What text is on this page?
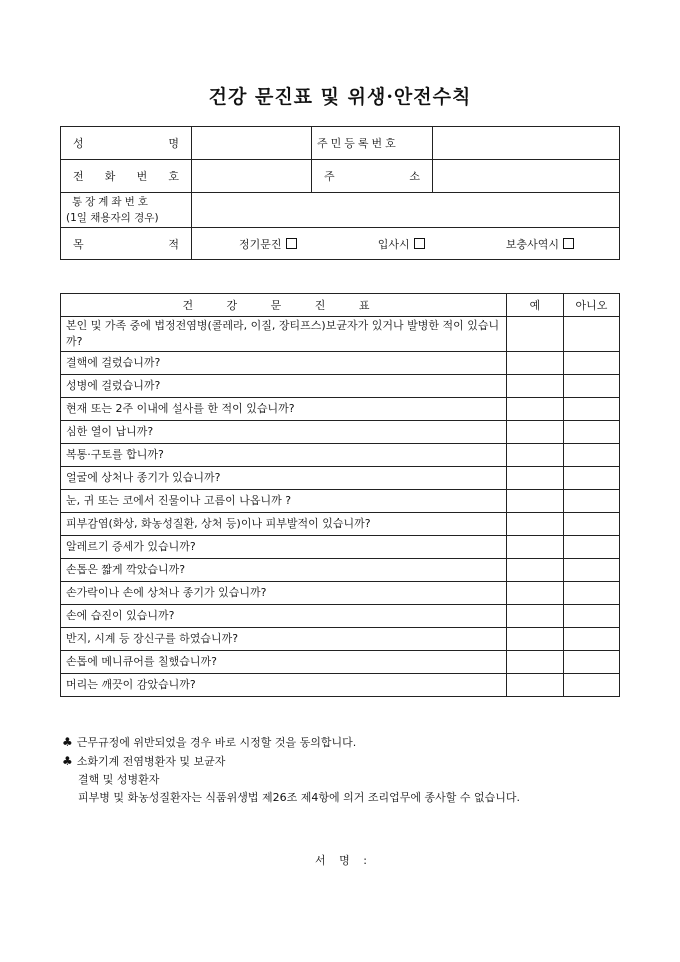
건강 문진표 및 위생·안전수칙
성 명		주민등록번호	
전 화 번 호		주 소	

통장계좌번호
(1일 채용자의 경우)			

목 적	정기문진 입사시 보충사역시		
건 강 문 진 표	예	아니오
본인 및 가족 중에 법정전염병(콜레라, 이질, 장티프스)보균자가 있거나 발병한 적이 있습니까?		
결핵에 걸렸습니까?		
성병에 걸렸습니까?		
현재 또는 2주 이내에 설사를 한 적이 있습니까?		
심한 열이 납니까?		
복통·구토를 합니까?		
얼굴에 상처나 종기가 있습니까?		
눈, 귀 또는 코에서 진물이나 고름이 나옵니까 ?		
피부감염(화상, 화농성질환, 상처 등)이나 피부발적이 있습니까?		
알레르기 증세가 있습니까?		
손톱은 짧게 깍았습니까?		
손가락이나 손에 상처나 종기가 있습니까?		
손에 습진이 있습니까?		
반지, 시계 등 장신구를 하였습니까?		
손톱에 메니큐어를 칠했습니까?		
머리는 깨끗이 감았습니까?		
♣ 근무규정에 위반되었을 경우 바로 시정할 것을 동의합니다.
♣ 소화기계 전염병환자 및 보균자
결핵 및 성병환자
피부병 및 화농성질환자는 식품위생법 제26조 제4항에 의거 조리업무에 종사할 수 없습니다.
서 명 :
